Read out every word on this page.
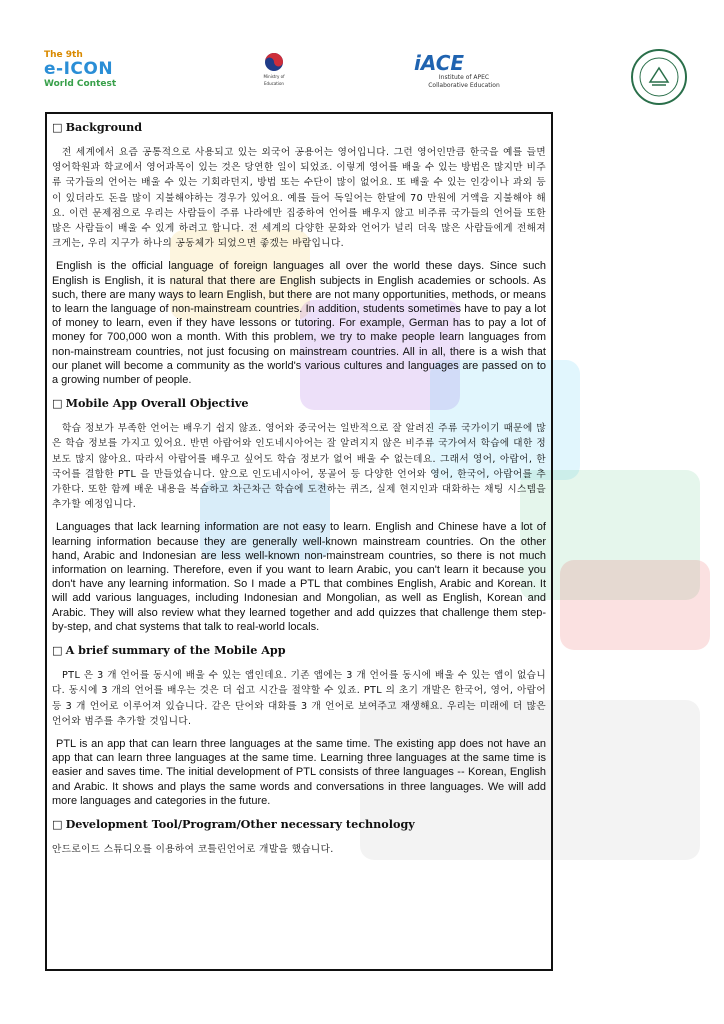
The 9th
e-ICON
World Contest
Ministry of
Education
iACE
Institute of APEC
Collaborative Education
□ Background

전 세계에서 요즘 공통적으로 사용되고 있는 외국어 공용어는 영어입니다. 그런 영어인만큼 한국을 예를 들면 영어학원과 학교에서 영어과목이 있는 것은 당연한 일이 되었죠. 이렇게 영어를 배울 수 있는 방법은 많지만 비주류 국가들의 언어는 배울 수 있는 기회라던지, 방법 또는 수단이 많이 없어요. 또 배울 수 있는 인강이나 과외 등이 있더라도 돈을 많이 지불해야하는 경우가 있어요. 예를 들어 독일어는 한달에 70 만원에 거액을 지불해야 해요. 이런 문제점으로 우리는 사람들이 주류 나라에만 집중하여 언어를 배우지 않고 비주류 국가들의 언어들 또한 많은 사람들이 배울 수 있게 하려고 합니다. 전 세계의 다양한 문화와 언어가 널리 더욱 많은 사람들에게 전해져 크게는, 우리 지구가 하나의 공동체가 되었으면 좋겠는 바람입니다.

English is the official language of foreign languages all over the world these days. Since such English is English, it is natural that there are English subjects in English academies or schools. As such, there are many ways to learn English, but there are not many opportunities, methods, or means to learn the language of non-mainstream countries. In addition, students sometimes have to pay a lot of money to learn, even if they have lessons or tutoring. For example, German has to pay a lot of money for 700,000 won a month. With this problem, we try to make people learn languages from non-mainstream countries, not just focusing on mainstream countries. All in all, there is a wish that our planet will become a community as the world's various cultures and languages are passed on to a growing number of people.

□ Mobile App Overall Objective

학습 정보가 부족한 언어는 배우기 쉽지 않죠. 영어와 중국어는 일반적으로 잘 알려진 주류 국가이기 때문에 많은 학습 정보를 가지고 있어요. 반면 아랍어와 인도네시아어는 잘 알려지지 않은 비주류 국가여서 학습에 대한 정보도 많지 않아요. 따라서 아랍어를 배우고 싶어도 학습 정보가 없어 배울 수 없는데요. 그래서 영어, 아랍어, 한국어를 결합한 PTL 을 만들었습니다. 앞으로 인도네시아어, 몽골어 등 다양한 언어와 영어, 한국어, 아랍어를 추가한다. 또한 함께 배운 내용을 복습하고 차근차근 학습에 도전하는 퀴즈, 실제 현지인과 대화하는 채팅 시스템을 추가할 예정입니다.

Languages that lack learning information are not easy to learn. English and Chinese have a lot of learning information because they are generally well-known mainstream countries. On the other hand, Arabic and Indonesian are less well-known non-mainstream countries, so there is not much information on learning. Therefore, even if you want to learn Arabic, you can't learn it because you don't have any learning information. So I made a PTL that combines English, Arabic and Korean. It will add various languages, including Indonesian and Mongolian, as well as English, Korean and Arabic. They will also review what they learned together and add quizzes that challenge them step-by-step, and chat systems that talk to real-world locals.

□ A brief summary of the Mobile App

PTL 은 3 개 언어를 동시에 배울 수 있는 앱인데요. 기존 앱에는 3 개 언어를 동시에 배울 수 있는 앱이 없습니다. 동시에 3 개의 언어를 배우는 것은 더 쉽고 시간을 절약할 수 있죠. PTL 의 초기 개발은 한국어, 영어, 아랍어 등 3 개 언어로 이루어져 있습니다. 같은 단어와 대화를 3 개 언어로 보여주고 재생해요. 우리는 미래에 더 많은 언어와 범주를 추가할 것입니다.

PTL is an app that can learn three languages at the same time. The existing app does not have an app that can learn three languages at the same time. Learning three languages at the same time is easier and saves time. The initial development of PTL consists of three languages -- Korean, English and Arabic. It shows and plays the same words and conversations in three languages. We will add more languages and categories in the future.

□ Development Tool/Program/Other necessary technology

안드로이드 스튜디오를 이용하여 코틀린언어로 개발을 했습니다.
